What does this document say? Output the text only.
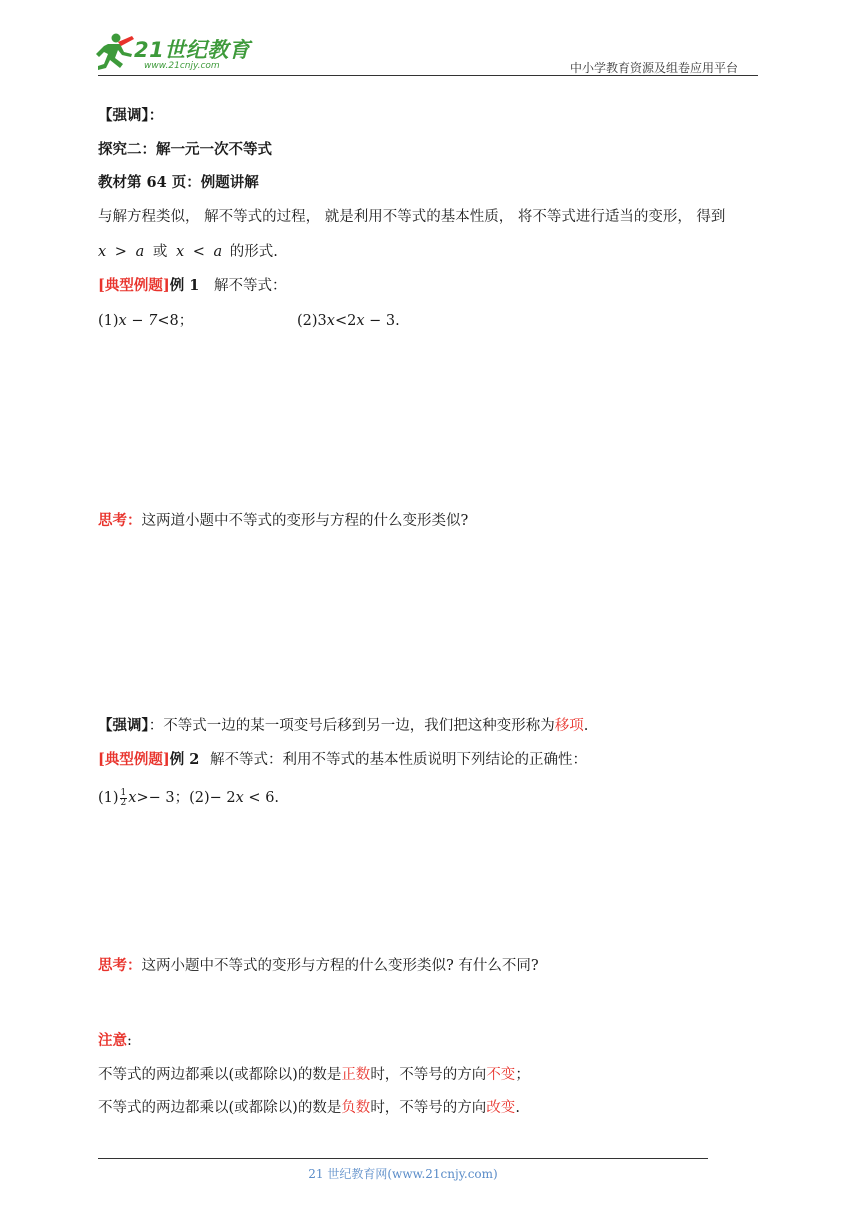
21世纪教育
www.21cnjy.com	中小学教育资源及组卷应用平台
【强调】：
探究二：解一元一次不等式
教材第 64 页：例题讲解
与解方程类似， 解不等式的过程， 就是利用不等式的基本性质， 将不等式进行适当的变形， 得到
x > a 或 x < a 的形式.
[典型例题]例 1 解不等式：
(1)x − 7<8；	(2)3x<2x − 3.
思考：这两道小题中不等式的变形与方程的什么变形类似?
【强调】：不等式一边的某一项变号后移到另一边，我们把这种变形称为移项.
[典型例题]例 2 解不等式：利用不等式的基本性质说明下列结论的正确性：
$(1) \frac{1}{2} x>- 3$；(2)− 2x < 6.
思考：这两小题中不等式的变形与方程的什么变形类似? 有什么不同?
注意:
不等式的两边都乘以(或都除以)的数是正数时，不等号的方向不变；
不等式的两边都乘以(或都除以)的数是负数时，不等号的方向改变.
21 世纪教育网(www.21cnjy.com)
